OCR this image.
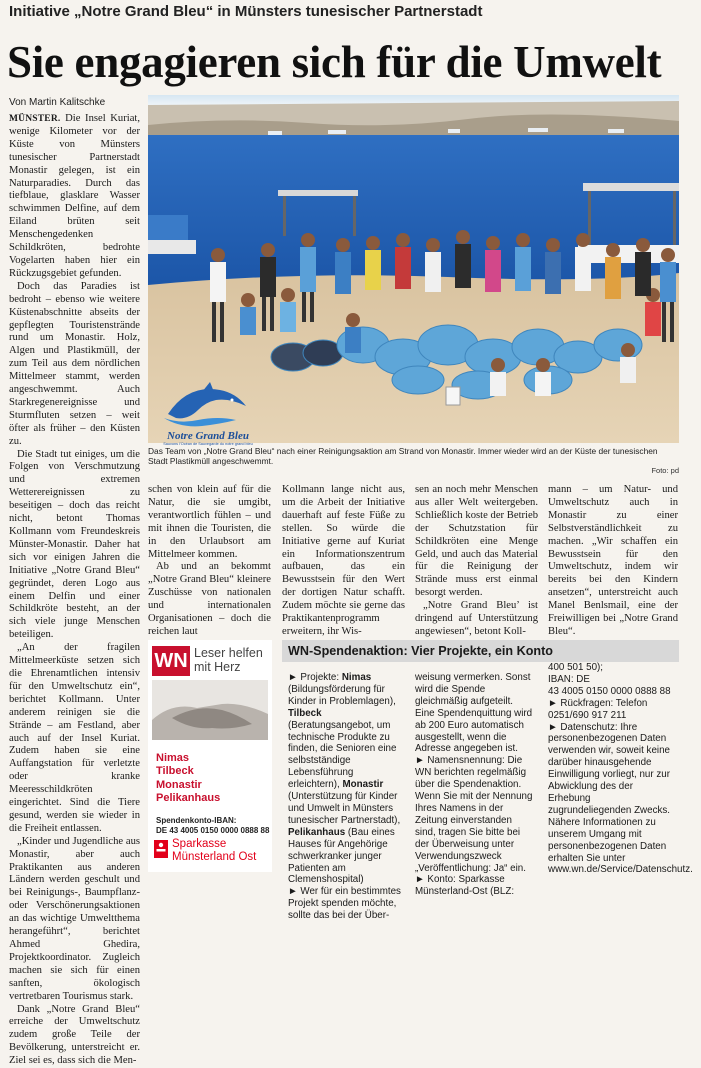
Initiative „Notre Grand Bleu“ in Münsters tunesischer Partnerstadt
Sie engagieren sich für die Umwelt
Von Martin Kalitschke

MÜNSTER. Die Insel Kuriat, wenige Kilometer vor der Küste von Münsters tunesischer Partnerstadt Monastir gelegen, ist ein Naturparadies. Durch das tiefblaue, glasklare Wasser schwimmen Delfine, auf dem Eiland brüten seit Menschengedenken Schildkröten, bedrohte Vogelarten haben hier ein Rückzugsgebiet gefunden.

Doch das Paradies ist bedroht – ebenso wie weitere Küstenabschnitte abseits der gepflegten Touristenstrände rund um Monastir. Holz, Algen und Plastikmüll, der zum Teil aus dem nördlichen Mittelmeer stammt, werden angeschwemmt. Auch Starkregenereignisse und Sturmfluten setzen – weit öfter als früher – den Küsten zu.

Die Stadt tut einiges, um die Folgen von Verschmutzung und extremen Wetterereignissen zu beseitigen – doch das reicht nicht, betont Thomas Kollmann vom Freundeskreis Münster-Monastir. Daher hat sich vor einigen Jahren die Initiative „Notre Grand Bleu“ gegründet, deren Logo aus einem Delfin und einer Schildkröte besteht, an der sich viele junge Menschen beteiligen.

„An der fragilen Mittelmeerküste setzen sich die Ehrenamtlichen intensiv für den Umweltschutz ein“, berichtet Kollmann. Unter anderem reinigen sie die Strände – am Festland, aber auch auf der Insel Kuriat. Zudem haben sie eine Auffangstation für verletzte oder kranke Meeresschildkröten eingerichtet. Sind die Tiere gesund, werden sie wieder in die Freiheit entlassen.

„Kinder und Jugendliche aus Monastir, aber auch Praktikanten aus anderen Ländern werden geschult und bei Reinigungs-, Baumpflanz- oder Verschönerungsaktionen an das wichtige Umweltthema herangeführt“, berichtet Ahmed Ghedira, Projektkoordinator. Zugleich machen sie sich für einen sanften, ökologisch vertretbaren Tourismus stark.

Dank „Notre Grand Bleu“ erreiche der Umweltschutz zudem große Teile der Bevölkerung, unterstreicht er. Ziel sei es, dass sich die Men-

Notre Grand Bleu
Sauvons l’Océan de Sauvegarde du notre grand bleu
Das Team von „Notre Grand Bleu“ nach einer Reinigungsaktion am Strand von Monastir. Immer wieder wird an der Küste der tunesischen Stadt Plastikmüll angeschwemmt.
Foto: pd

schen von klein auf für die Natur, die sie umgibt, verantwortlich fühlen – und mit ihnen die Touristen, die in den Urlaubsort am Mittelmeer kommen.

Ab und an bekommt „Notre Grand Bleu“ kleinere Zuschüsse von nationalen und internationalen Organisationen – doch die reichen laut

Kollmann lange nicht aus, um die Arbeit der Initiative dauerhaft auf feste Füße zu stellen. So würde die Initiative gerne auf Kuriat ein Informationszentrum aufbauen, das ein Bewusstsein für den Wert der dortigen Natur schafft. Zudem möchte sie gerne das Praktikantenprogramm erweitern, ihr Wis-

sen an noch mehr Menschen aus aller Welt weitergeben. Schließlich koste der Betrieb der Schutzstation für Schildkröten eine Menge Geld, und auch das Material für die Reinigung der Strände muss erst einmal besorgt werden.

„Notre Grand Bleu’ ist dringend auf Unterstützung angewiesen“, betont Koll-

mann – um Natur- und Umweltschutz auch in Monastir zu einer Selbstverständlichkeit zu machen. „Wir schaffen ein Bewusstsein für den Umweltschutz, indem wir bereits bei den Kindern ansetzen“, unterstreicht auch Manel Benlsmail, eine der Freiwilligen bei „Notre Grand Bleu“.

WN Leser helfen
mit Herz
Nimas
Tilbeck
Monastir
Pelikanhaus
Spendenkonto-IBAN:
DE 43 4005 0150 0000 0888 88
Sparkasse
Münsterland Ost
WN-Spendenaktion: Vier Projekte, ein Konto

► Projekte: Nimas (Bildungsförderung für Kinder in Problemlagen), Tilbeck (Beratungsangebot, um technische Produkte zu finden, die Senioren eine selbstständige Lebensführung erleichtern), Monastir (Unterstützung für Kinder und Umwelt in Münsters tunesischer Partnerstadt), Pelikanhaus (Bau eines Hauses für Angehörige schwerkranker junger Patienten am Clemenshospital)

► Wer für ein bestimmtes Projekt spenden möchte, sollte das bei der Über-

weisung vermerken. Sonst wird die Spende gleichmäßig aufgeteilt. Eine Spendenquittung wird ab 200 Euro automatisch ausgestellt, wenn die Adresse angegeben ist.

► Namensnennung: Die WN berichten regelmäßig über die Spendenaktion. Wenn Sie mit der Nennung Ihres Namens in der Zeitung einverstanden sind, tragen Sie bitte bei der Überweisung unter Verwendungszweck „Veröffentlichung: Ja“ ein.

► Konto: Sparkasse Münsterland-Ost (BLZ:

400 501 50);

IBAN: DE

43 4005 0150 0000 0888 88

► Rückfragen: Telefon 0251/690 917 211

► Datenschutz: Ihre personenbezogenen Daten verwenden wir, soweit keine darüber hinausgehende Einwilligung vorliegt, nur zur Abwicklung des der Erhebung zugrundeliegenden Zwecks. Nähere Informationen zu unserem Umgang mit personenbezogenen Daten erhalten Sie unter www.wn.de/Service/Datenschutz.
